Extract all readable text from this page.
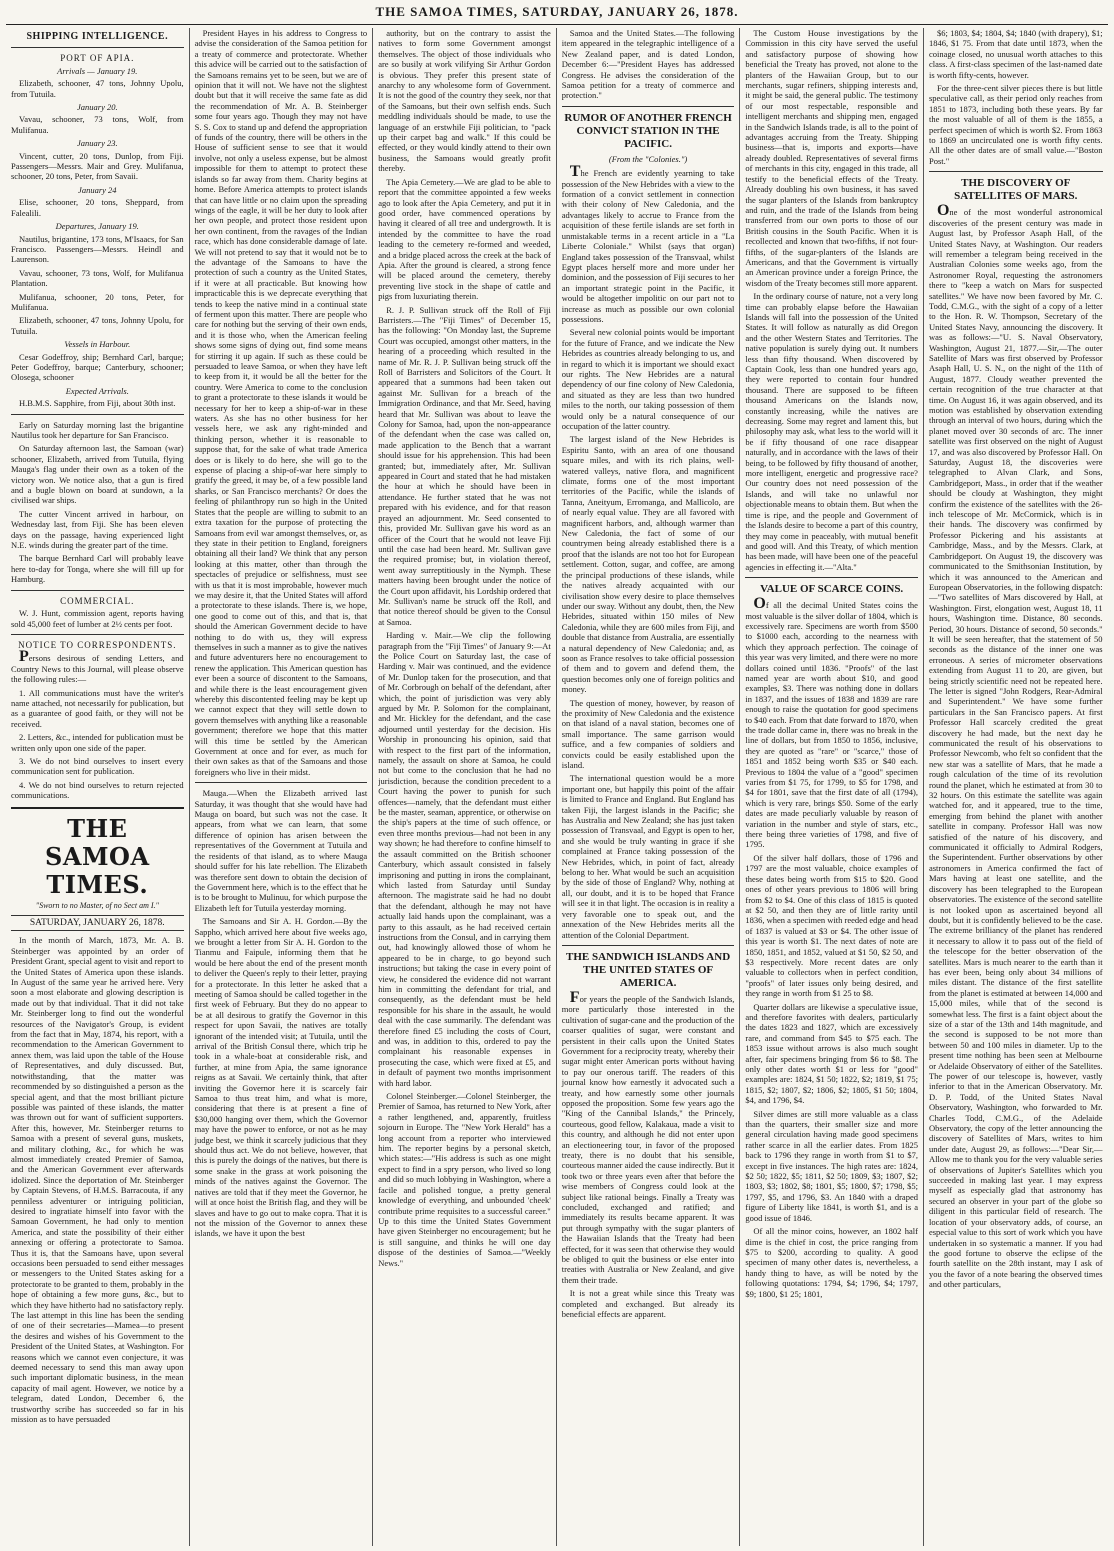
THE SAMOA TIMES, SATURDAY, JANUARY 26, 1878.
SHIPPING INTELLIGENCE.
PORT OF APIA.
Arrivals — January 19.

Elizabeth, schooner, 47 tons, Johnny Upolu, from Tutuila.

January 20.

Vavau, schooner, 73 tons, Wolf, from Mulifanua.

January 23.

Vincent, cutter, 20 tons, Dunlop, from Fiji. Passengers—Messrs. Mair and Grey. Mulifanua, schooner, 20 tons, Peter, from Savaii.

January 24

Elise, schooner, 20 tons, Sheppard, from Falealili.

Departures, January 19.

Nautilus, brigantine, 173 tons, M'Isaacs, for San Francisco. Passengers—Messrs. Heindl and Laurenson.

Vavau, schooner, 73 tons, Wolf, for Mulifanua Plantation.

Mulifanua, schooner, 20 tons, Peter, for Mulifanua.

Elizabeth, schooner, 47 tons, Johnny Upolu, for Tutuila.

Vessels in Harbour.

Cesar Godeffroy, ship; Bernhard Carl, barque; Peter Godeffroy, barque; Canterbury, schooner; Olosega, schooner

Expected Arrivals.

H.B.M.S. Sapphire, from Fiji, about 30th inst.

Early on Saturday morning last the brigantine Nautilus took her departure for San Francisco.

On Saturday afternoon last, the Samoan (war) schooner, Elizabeth, arrived from Tutuila, flying Mauga's flag under their own as a token of the victory won. We notice also, that a gun is fired and a bugle blown on board at sundown, a la civilised war ships.

The cutter Vincent arrived in harbour, on Wednesday last, from Fiji. She has been eleven days on the passage, having experienced light N.E. winds during the greater part of the time.

The barque Bernhard Carl will probably leave here to-day for Tonga, where she will fill up for Hamburg.

COMMERCIAL.

W. J. Hunt, commission agent, reports having sold 45,000 feet of lumber at 2½ cents per foot.

NOTICE TO CORRESPONDENTS.

Persons desirous of sending Letters, and Country News to this Journal, will please observe the following rules:—

1. All communications must have the writer's name attached, not necessarily for publication, but as a guarantee of good faith, or they will not be received.

2. Letters, &c., intended for publication must be written only upon one side of the paper.

3. We do not bind ourselves to insert every communication sent for publication.

4. We do not bind ourselves to return rejected communications.

THE SAMOA TIMES.
"Sworn to no Master, of no Sect am I."
SATURDAY, JANUARY 26, 1878.

In the month of March, 1873, Mr. A. B. Steinberger was appointed by an order of President Grant, special agent to visit and report to the United States of America upon these islands. In August of the same year he arrived here. Very soon a most elaborate and glowing description is made out by that individual. That it did not take Mr. Steinberger long to find out the wonderful resources of the Navigator's Group, is evident from the fact that in May, 1874, his report, with a recommendation to the American Government to annex them, was laid upon the table of the House of Representatives, and duly discussed. But, notwithstanding, that the matter was recommended by so distinguished a person as the special agent, and that the most brilliant picture possible was painted of these islands, the matter was thrown out for want of sufficient supporters. After this, however, Mr. Steinberger returns to Samoa with a present of several guns, muskets, and military clothing, &c., for which he was almost immediately created Premier of Samoa, and the American Government ever afterwards idolized. Since the deportation of Mr. Steinberger by Captain Stevens, of H.M.S. Barracouta, if any penniless adventurer or intriguing politician, desired to ingratiate himself into favor with the Samoan Government, he had only to mention America, and state the possibility of their either annexing or offering a protectorate to Samoa. Thus it is, that the Samoans have, upon several occasions been persuaded to send either messages or messengers to the United States asking for a protectorate to be granted to them, probably in the hope of obtaining a few more guns, &c., but to which they have hitherto had no satisfactory reply. The last attempt in this line has been the sending of one of their secretaries—Mamea—to present the desires and wishes of his Government to the President of the United States, at Washington. For reasons which we cannot even conjecture, it was deemed necessary to send this man away upon such important diplomatic business, in the mean capacity of mail agent. However, we notice by a telegram, dated London, December 6, the trustworthy scribe has succeeded so far in his mission as to have persuaded

President Hayes in his address to Congress to advise the consideration of the Samoa petition for a treaty of commerce and protectorate. Whether this advice will be carried out to the satisfaction of the Samoans remains yet to be seen, but we are of opinion that it will not. We have not the slightest doubt but that it will receive the same fate as did the recommendation of Mr. A. B. Steinberger some four years ago. Though they may not have S. S. Cox to stand up and defend the appropriation of funds of the country, there will be others in the House of sufficient sense to see that it would involve, not only a useless expense, but be almost impossible for them to attempt to protect these islands so far away from them. Charity begins at home. Before America attempts to protect islands that can have little or no claim upon the spreading wings of the eagle, it will be her duty to look after her own people, and protect those resident upon her own continent, from the ravages of the Indian race, which has done considerable damage of late. We will not pretend to say that it would not be to the advantage of the Samoans to have the protection of such a country as the United States, if it were at all practicable. But knowing how impracticable this is we deprecate everything that tends to keep the native mind in a continual state of ferment upon this matter. There are people who care for nothing but the serving of their own ends, and it is those who, when the American feeling shows some signs of dying out, find some means for stirring it up again. If such as these could be persuaded to leave Samoa, or when they have left to keep from it, it would be all the better for the country. Were America to come to the conclusion to grant a protectorate to these islands it would be necessary for her to keep a ship-of-war in these waters. As she has no other business for her vessels here, we ask any right-minded and thinking person, whether it is reasonable to suppose that, for the sake of what trade America does or is likely to do here, she will go to the expense of placing a ship-of-war here simply to gratify the greed, it may be, of a few possible land sharks, or San Francisco merchants? Or does the feeling of philanthropy run so high in the United States that the people are willing to submit to an extra taxation for the purpose of protecting the Samoans from evil war amongst themselves, or, as they state in their petition to England, foreigners obtaining all their land? We think that any person looking at this matter, other than through the spectacles of prejudice or selfishness, must see with us that it is most improbable, however much we may desire it, that the United States will afford a protectorate to these islands. There is, we hope, one good to come out of this, and that is, that should the American Government decide to have nothing to do with us, they will express themselves in such a manner as to give the natives and future adventurers here no encouragement to renew the application. This American question has ever been a source of discontent to the Samoans, and while there is the least encouragement given whereby this discontented feeling may be kept up we cannot expect that they will settle down to govern themselves with anything like a reasonable government; therefore we hope that this matter will this time be settled by the American Government at once and for ever, as much for their own sakes as that of the Samoans and those foreigners who live in their midst.

Mauga.—When the Elizabeth arrived last Saturday, it was thought that she would have had Mauga on board, but such was not the case. It appears, from what we can learn, that some difference of opinion has arisen between the representatives of the Government at Tutuila and the residents of that island, as to where Mauga should suffer for his late rebellion. The Elizabeth was therefore sent down to obtain the decision of the Government here, which is to the effect that he is to be brought to Mulinuu, for which purpose the Elizabeth left for Tutuila yesterday morning.

The Samoans and Sir A. H. Gordon.—By the Sappho, which arrived here about five weeks ago, we brought a letter from Sir A. H. Gordon to the Tianmu and Faipule, informing them that he would be here about the end of the present month to deliver the Queen's reply to their letter, praying for a protectorate. In this letter he asked that a meeting of Samoa should be called together in the first week of February. But they do no appear to be at all desirous to gratify the Governor in this respect for upon Savaii, the natives are totally ignorant of the intended visit; at Tutuila, until the arrival of the British Consul there, which trip he took in a whale-boat at considerable risk, and further, at mine from Apia, the same ignorance reigns as at Savaii. We certainly think, that after inviting the Governor here it is scarcely fair Samoa to thus treat him, and what is more, considering that there is at present a fine of $30,000 hanging over them, which the Governor may have the power to enforce, or not as he may judge best, we think it scarcely judicious that they should thus act. We do not believe, however, that this is purely the doings of the natives, but there is some snake in the grass at work poisoning the minds of the natives against the Governor. The natives are told that if they meet the Governor, he will at once hoist the British flag, and they will be slaves and have to go out to make copra. That it is not the mission of the Governor to annex these islands, we have it upon the best

authority, but on the contrary to assist the natives to form some Government amongst themselves. The object of those individuals who are so busily at work vilifying Sir Arthur Gordon is obvious. They prefer this present state of anarchy to any wholesome form of Government. It is not the good of the country they seek, nor that of the Samoans, but their own selfish ends. Such meddling individuals should be made, to use the language of an erstwhile Fiji politician, to "pack up their carpet bag and walk." If this could be effected, or they would kindly attend to their own business, the Samoans would greatly profit thereby.

The Apia Cemetery.—We are glad to be able to report that the committee appointed a few weeks ago to look after the Apia Cemetery, and put it in good order, have commenced operations by having it cleared of all tree and undergrowth. It is intended by the committee to have the road leading to the cemetery re-formed and weeded, and a bridge placed across the creek at the back of Apia. After the ground is cleared, a strong fence will be placed around the cemetery, thereby preventing live stock in the shape of cattle and pigs from luxuriating therein.

R. J. P. Sullivan struck off the Roll of Fiji Barristers.—The "Fiji Times" of December 15, has the following: "On Monday last, the Supreme Court was occupied, amongst other matters, in the hearing of a proceeding which resulted in the name of Mr. R. J. P. Sullivan being struck off the Roll of Barristers and Solicitors of the Court. It appeared that a summons had been taken out against Mr. Sullivan for a breach of the Immigration Ordinance, and that Mr. Seed, having heard that Mr. Sullivan was about to leave the Colony for Samoa, had, upon the non-appearance of the defendant when the case was called on, made application to the Bench that a warrant should issue for his apprehension. This had been granted; but, immediately after, Mr. Sullivan appeared in Court and stated that he had mistaken the hour at which he should have been in attendance. He further stated that he was not prepared with his evidence, and for that reason prayed an adjournment. Mr. Seed consented to this, provided Mr. Sullivan gave his word as an officer of the Court that he would not leave Fiji until the case had been heard. Mr. Sullivan gave the required promise; but, in violation thereof, went away surreptitiously in the Nymph. These matters having been brought under the notice of the Court upon affidavit, his Lordship ordered that Mr. Sullivan's name be struck off the Roll, and that notice thereof should be given to the Consul at Samoa.

Harding v. Mair.—We clip the following paragraph from the "Fiji Times" of January 9:—At the Police Court on Saturday last, the case of Harding v. Mair was continued, and the evidence of Mr. Dunlop taken for the prosecution, and that of Mr. Corbrough on behalf of the defendant, after which, the point of jurisdiction was very ably argued by Mr. P. Solomon for the complainant, and Mr. Hickley for the defendant, and the case adjourned until yesterday for the decision. His Worship in pronouncing his opinion, said that with respect to the first part of the information, namely, the assault on shore at Samoa, he could not but come to the conclusion that he had no jurisdiction, because the condition precedent to a Court having the power to punish for such offences—namely, that the defendant must either be the master, seaman, apprentice, or otherwise on the ship's papers at the time of such offence, or even three months previous—had not been in any way shown; he had therefore to confine himself to the assault committed on the British schooner Canterbury, which assault consisted in falsely imprisoning and putting in irons the complainant, which lasted from Saturday until Sunday afternoon. The magistrate said he had no doubt that the defendant, although he may not have actually laid hands upon the complainant, was a party to this assault, as he had received certain instructions from the Consul, and in carrying them out, had knowingly allowed those of whom he appeared to be in charge, to go beyond such instructions; but taking the case in every point of view, he considered the evidence did not warrant him in committing the defendant for trial, and consequently, as the defendant must be held responsible for his share in the assault, he would deal with the case summarily. The defendant was therefore fined £5 including the costs of Court, and was, in addition to this, ordered to pay the complainant his reasonable expenses in prosecuting the case, which were fixed at £5, and in default of payment two months imprisonment with hard labor.

Colonel Steinberger.—Colonel Steinberger, the Premier of Samoa, has returned to New York, after a rather lengthened, and, apparently, fruitless sojourn in Europe. The "New York Herald" has a long account from a reporter who interviewed him. The reporter begins by a personal sketch, which states:—"His address is such as one might expect to find in a spry person, who lived so long and did so much lobbying in Washington, where a facile and polished tongue, a pretty general knowledge of everything, and unbounded 'cheek' contribute prime requisites to a successful career." Up to this time the United States Government have given Steinberger no encouragement; but he is still sanguine, and thinks he will one day dispose of the destinies of Samoa.—"Weekly News."

Samoa and the United States.—The following item appeared in the telegraphic intelligence of a New Zealand paper, and is dated London, December 6:—"President Hayes has addressed Congress. He advises the consideration of the Samoa petition for a treaty of commerce and protection."

RUMOR OF ANOTHER FRENCH CONVICT STATION IN THE PACIFIC.
(From the "Colonies.")

The French are evidently yearning to take possession of the New Hebrides with a view to the formation of a convict settlement in connection with their colony of New Caledonia, and the advantages likely to accrue to France from the acquisition of these fertile islands are set forth in unmistakable terms in a recent article in a "La Liberte Coloniale." Whilst (says that organ) England takes possession of the Transvaal, whilst Egypt places herself more and more under her dominion, and the possession of Fiji secures to her an important strategic point in the Pacific, it would be altogether impolitic on our part not to increase as much as possible our own colonial possessions.

Several new colonial points would be important for the future of France, and we indicate the New Hebrides as countries already belonging to us, and in regard to which it is important we should exact our rights. The New Hebrides are a natural dependency of our fine colony of New Caledonia, and situated as they are less than two hundred miles to the north, our taking possession of them would only be a natural consequence of our occupation of the latter country.

The largest island of the New Hebrides is Espiritu Santo, with an area of one thousand square miles, and with its rich plains, well-watered valleys, native flora, and magnificent climate, forms one of the most important territories of the Pacific, while the islands of Tanna, Aneityum, Erromanga, and Mallicolo, are of nearly equal value. They are all favored with magnificent harbors, and, although warmer than New Caledonia, the fact of some of our countrymen being already established there is a proof that the islands are not too hot for European settlement. Cotton, sugar, and coffee, are among the principal productions of these islands, while the natives already acquainted with our civilisation show every desire to place themselves under our sway. Without any doubt, then, the New Hebrides, situated within 150 miles of New Caledonia, while they are 600 miles from Fiji, and double that distance from Australia, are essentially a natural dependency of New Caledonia; and, as soon as France resolves to take official possession of them and to govern and defend them, the question becomes only one of foreign politics and money.

The question of money, however, by reason of the proximity of New Caledonia and the existence on that island of a naval station, becomes one of small importance. The same garrison would suffice, and a few companies of soldiers and convicts could be easily established upon the island.

The international question would be a more important one, but happily this point of the affair is limited to France and England. But England has taken Fiji, the largest islands in the Pacific; she has Australia and New Zealand; she has just taken possession of Transvaal, and Egypt is open to her, and she would be truly wanting in grace if she complained at France taking possession of the New Hebrides, which, in point of fact, already belong to her. What would be such an acquisition by the side of those of England? Why, nothing at all, our doubt, and it is to be hoped that France will see it in that light. The occasion is in reality a very favorable one to speak out, and the annexation of the New Hebrides merits all the attention of the Colonial Department.

THE SANDWICH ISLANDS AND THE UNITED STATES OF AMERICA.

For years the people of the Sandwich Islands, more particularly those interested in the cultivation of sugar-cane and the production of the coarser qualities of sugar, were constant and persistent in their calls upon the United States Government for a reciprocity treaty, whereby their sugar might enter American ports without having to pay our onerous tariff. The readers of this journal know how earnestly it advocated such a treaty, and how earnestly some other journals opposed the proposition. Some few years ago the "King of the Cannibal Islands," the Princely, courteous, good fellow, Kalakaua, made a visit to this country, and although he did not enter upon an electioneering tour, in favor of the proposed treaty, there is no doubt that his sensible, courteous manner aided the cause indirectly. But it took two or three years even after that before the wise members of Congress could look at the subject like rational beings. Finally a Treaty was concluded, exchanged and ratified; and immediately its results became apparent. It was put through sympathy with the sugar planters of the Hawaiian Islands that the Treaty had been effected, for it was seen that otherwise they would be obliged to quit the business or else enter into treaties with Australia or New Zealand, and give them their trade.

It is not a great while since this Treaty was completed and exchanged. But already its beneficial effects are apparent.

The Custom House investigations by the Commission in this city have served the useful and satisfactory purpose of showing how beneficial the Treaty has proved, not alone to the planters of the Hawaiian Group, but to our merchants, sugar refiners, shipping interests and, it might be said, the general public. The testimony of our most respectable, responsible and intelligent merchants and shipping men, engaged in the Sandwich Islands trade, is all to the point of advantages accruing from the Treaty. Shipping business—that is, imports and exports—have already doubled. Representatives of several firms of merchants in this city, engaged in this trade, all testify to the beneficial effects of the Treaty. Already doubling his own business, it has saved the sugar planters of the Islands from bankruptcy and ruin, and the trade of the Islands from being transferred from our own ports to those of our British cousins in the South Pacific. When it is recollected and known that two-fifths, if not four-fifths, of the sugar-planters of the Islands are Americans, and that the Government is virtually an American province under a foreign Prince, the wisdom of the Treaty becomes still more apparent.

In the ordinary course of nature, not a very long time can probably elapse before the Hawaiian Islands will fall into the possession of the United States. It will follow as naturally as did Oregon and the other Western States and Territories. The native population is surely dying out. It numbers less than fifty thousand. When discovered by Captain Cook, less than one hundred years ago, they were reported to contain four hundred thousand. There are supposed to be fifteen thousand Americans on the Islands now, constantly increasing, while the natives are decreasing. Some may regret and lament this, but philosophy may ask, what less to the world will it be if fifty thousand of one race disappear naturally, and in accordance with the laws of their being, to be followed by fifty thousand of another, more intelligent, energetic and progressive race? Our country does not need possession of the Islands, and will take no unlawful nor objectionable means to obtain them. But when the time is ripe, and the people and Government of the Islands desire to become a part of this country, they may come in peaceably, with mutual benefit and good will. And this Treaty, of which mention has been made, will have been one of the peaceful agencies in effecting it.—"Alta."

VALUE OF SCARCE COINS.

Of all the decimal United States coins the most valuable is the silver dollar of 1804, which is excessively rare. Specimens are worth from $500 to $1000 each, according to the nearness with which they approach perfection. The coinage of this year was very limited, and there were no more dollars coined until 1836. "Proofs" of the last named year are worth about $10, and good examples, $3. There was nothing done in dollars in 1837, and the issues of 1838 and 1839 are rare enough to raise the quotation for good specimens to $40 each. From that date forward to 1870, when the trade dollar came in, there was no break in the line of dollars, but from 1850 to 1856, inclusive, they are quoted as "rare" or "scarce," those of 1851 and 1852 being worth $35 or $40 each. Previous to 1804 the value of a "good" specimen varies from $1 75, for 1799, to $5 for 1798, and $4 for 1801, save that the first date of all (1794), which is very rare, brings $50. Some of the early dates are made peculiarly valuable by reason of variation in the number and style of stars, etc., there being three varieties of 1798, and five of 1795.

Of the silver half dollars, those of 1796 and 1797 are the most valuable, choice examples of these dates being worth from $15 to $20. Good ones of other years previous to 1806 will bring from $2 to $4. One of this class of 1815 is quoted at $2 50, and then they are of little rarity until 1836, when a specimen with reeded edge and head of 1837 is valued at $3 or $4. The other issue of this year is worth $1. The next dates of note are 1850, 1851, and 1852, valued at $1 50, $2 50, and $3 respectively. More recent dates are only valuable to collectors when in perfect condition, "proofs" of later issues only being desired, and they range in worth from $1 25 to $8.

Quarter dollars are likewise a speculative issue, and therefore favorites with dealers, particularly the dates 1823 and 1827, which are excessively rare, and command from $45 to $75 each. The 1853 issue without arrows is also much sought after, fair specimens bringing from $6 to $8. The only other dates worth $1 or less for "good" examples are: 1824, $1 50; 1822, $2; 1819, $1 75; 1815, $2; 1807, $2; 1806, $2; 1805, $1 50; 1804, $4, and 1796, $4.

Silver dimes are still more valuable as a class than the quarters, their smaller size and more general circulation having made good specimens rather scarce in all the earlier dates. From 1825 back to 1796 they range in worth from $1 to $7, except in five instances. The high rates are: 1824, $2 50; 1822, $5; 1811, $2 50; 1809, $3; 1807, $2; 1803, $3; 1802, $8; 1801, $5; 1800, $7; 1798, $5; 1797, $5, and 1796, $3. An 1840 with a draped figure of Liberty like 1841, is worth $1, and is a good issue of 1846.

Of all the minor coins, however, an 1802 half dime is the chief in cost, the price ranging from $75 to $200, according to quality. A good specimen of many other dates is, nevertheless, a handy thing to have, as will be noted by the following quotations: 1794, $4; 1796, $4; 1797, $9; 1800, $1 25; 1801,

$6; 1803, $4; 1804, $4; 1840 (with drapery), $1; 1846, $1 75. From that date until 1873, when the coinage closed, no unusual worth attaches to this class. A first-class specimen of the last-named date is worth fifty-cents, however.

For the three-cent silver pieces there is but little speculative call, as their period only reaches from 1851 to 1873, including both these years. By far the most valuable of all of them is the 1855, a perfect specimen of which is worth $2. From 1863 to 1869 an uncirculated one is worth fifty cents. All the other dates are of small value.—"Boston Post."

THE DISCOVERY OF SATELLITES OF MARS.

One of the most wonderful astronomical discoveries of the present century was made in August last, by Professor Asaph Hall, of the United States Navy, at Washington. Our readers will remember a telegram being received in the Australian Colonies some weeks ago, from the Astronomer Royal, requesting the astronomers there to "keep a watch on Mars for suspected satellites." We have now been favored by Mr. C. Todd, C.M.G., with the sight of a copy of a letter to the Hon. R. W. Thompson, Secretary of the United States Navy, announcing the discovery. It was as follows:—"U. S. Naval Observatory, Washington, August 21, 1877.—Sir,—The outer Satellite of Mars was first observed by Professor Asaph Hall, U. S. N., on the night of the 11th of August, 1877. Cloudy weather prevented the certain recognition of the true character at that time. On August 16, it was again observed, and its motion was established by observation extending through an interval of two hours, during which the planet moved over 30 seconds of arc. The inner satellite was first observed on the night of August 17, and was also discovered by Professor Hall. On Saturday, August 18, the discoveries were telegraphed to Alvan Clark, and Sons, Cambridgeport, Mass., in order that if the weather should be cloudy at Washington, they might confirm the existence of the satellites with the 26-inch telescope of Mr. McCormick, which is in their hands. The discovery was confirmed by Professor Pickering and his assistants at Cambridge, Mass., and by the Messrs. Clark, at Cambridgeport. On August 19, the discovery was communicated to the Smithsonian Institution, by which it was announced to the American and European Observatories, in the following dispatch:—"Two satellites of Mars discovered by Hall, at Washington. First, elongation west, August 18, 11 hours, Washington time. Distance, 80 seconds. Period, 30 hours. Distance of second, 50 seconds." It will be seen hereafter, that the statement of 50 seconds as the distance of the inner one was erroneous. A series of micrometer observations extending from August 11 to 20, are given, but being strictly scientific need not be repeated here. The letter is signed "John Rodgers, Rear-Admiral and Superintendent." We have some further particulars in the San Francisco papers. At first Professor Hall scarcely credited the great discovery he had made, but the next day he communicated the result of his observations to Professor Newcomb, who felt so confident that the new star was a satellite of Mars, that he made a rough calculation of the time of its revolution round the planet, which he estimated at from 30 to 32 hours. On this estimate the satellite was again watched for, and it appeared, true to the time, emerging from behind the planet with another satellite in company. Professor Hall was now satisfied of the nature of his discovery, and communicated it officially to Admiral Rodgers, the Superintendent. Further observations by other astronomers in America confirmed the fact of Mars having at least one satellite, and the discovery has been telegraphed to the European observatories. The existence of the second satellite is not looked upon as ascertained beyond all doubt, but it is confidently believed to be the case. The extreme brilliancy of the planet has rendered it necessary to allow it to pass out of the field of the telescope for the better observation of the satellites. Mars is much nearer to the earth than it has ever been, being only about 34 millions of miles distant. The distance of the first satellite from the planet is estimated at between 14,000 and 15,000 miles, while that of the second is somewhat less. The first is a faint object about the size of a star of the 13th and 14th magnitude, and the second is supposed to be not more than between 50 and 100 miles in diameter. Up to the present time nothing has been seen at Melbourne or Adelaide Observatory of either of the Satellites. The power of our telescope is, however, vastly inferior to that in the American Observatory. Mr. D. P. Todd, of the United States Naval Observatory, Washington, who forwarded to Mr. Charles Todd, C.M.G., of the Adelaide Observatory, the copy of the letter announcing the discovery of Satellites of Mars, writes to him under date, August 29, as follows:—"Dear Sir,—Allow me to thank you for the very valuable series of observations of Jupiter's Satellites which you succeeded in making last year. I may express myself as especially glad that astronomy has secured an observer in your part of the globe so diligent in this particular field of research. The location of your observatory adds, of course, an especial value to this sort of work which you have undertaken in so systematic a manner. If you had the good fortune to observe the eclipse of the fourth satellite on the 28th instant, may I ask of you the favor of a note bearing the observed times and other particulars,
